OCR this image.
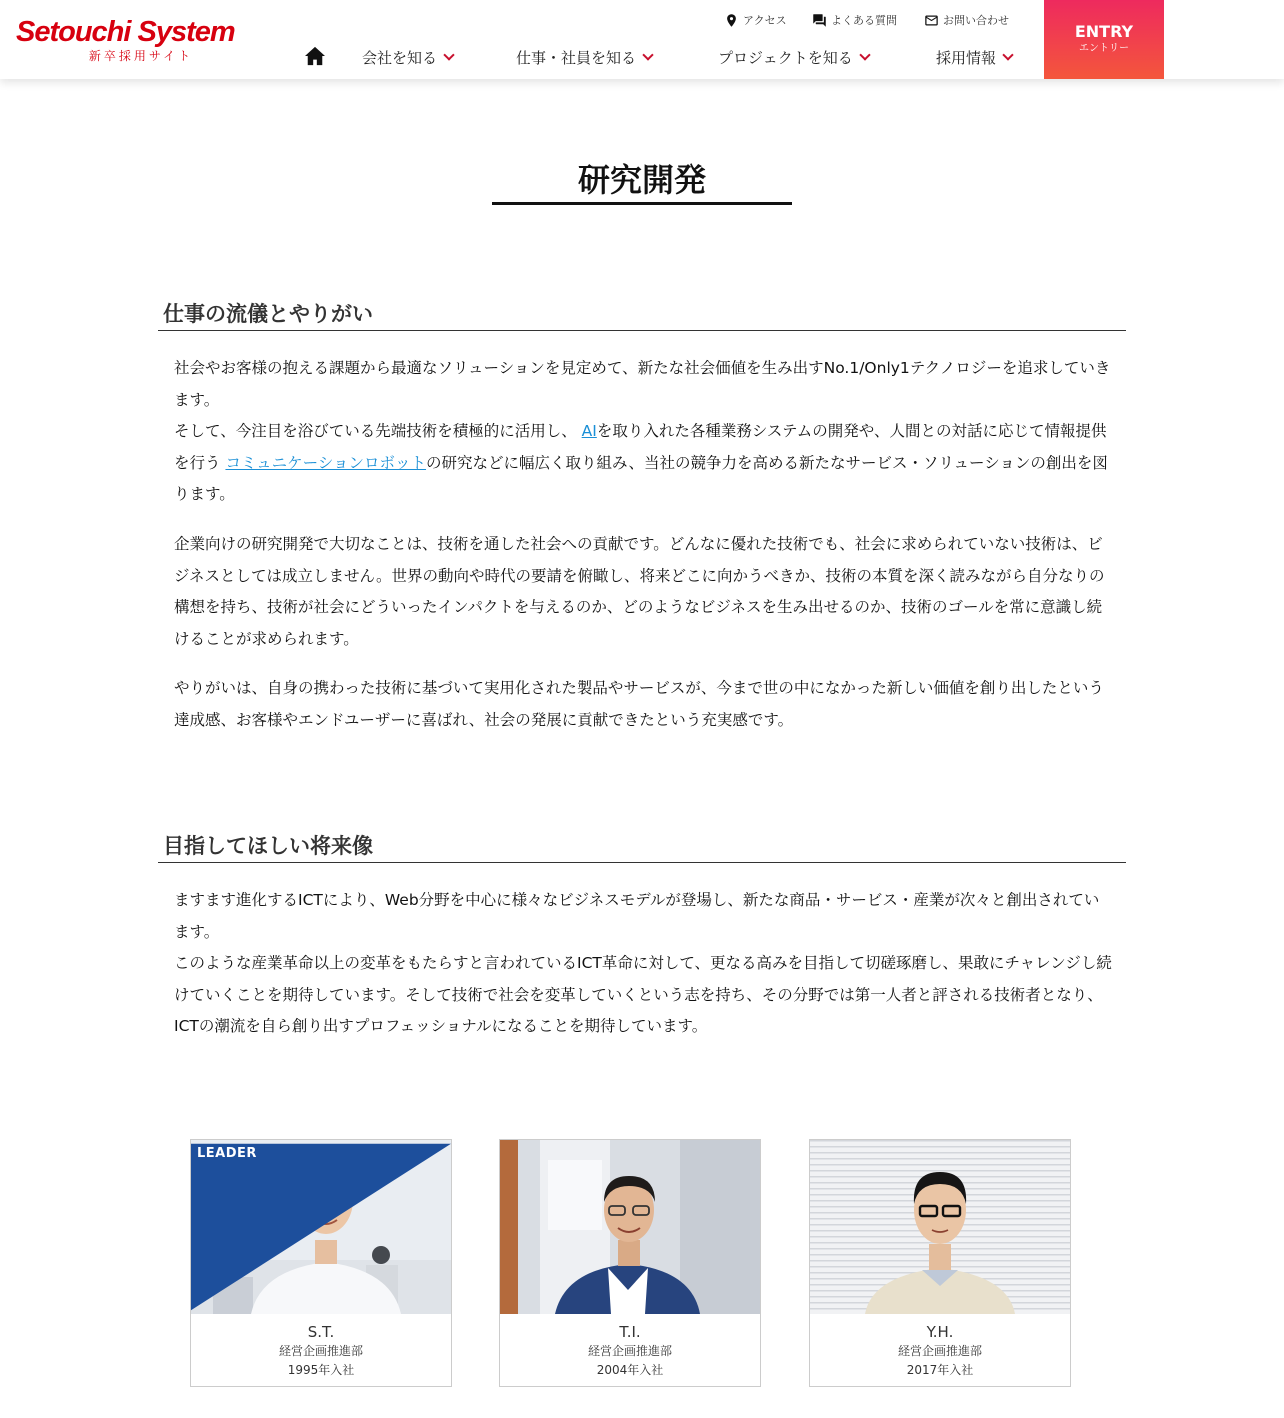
Setouchi System
新卒採用サイト
アクセス	よくある質問	お問い合わせ
会社を知る	仕事・社員を知る	プロジェクトを知る	採用情報
ENTRY
エントリー
研究開発
仕事の流儀とやりがい
社会やお客様の抱える課題から最適なソリューションを見定めて、新たな社会価値を生み出すNo.1/Only1テクノロジーを追求していきます。
そして、今注目を浴びている先端技術を積極的に活用し、 AIを取り入れた各種業務システムの開発や、人間との対話に応じて情報提供を行う コミュニケーションロボットの研究などに幅広く取り組み、当社の競争力を高める新たなサービス・ソリューションの創出を図ります。
企業向けの研究開発で大切なことは、技術を通した社会への貢献です。どんなに優れた技術でも、社会に求められていない技術は、ビジネスとしては成立しません。世界の動向や時代の要請を俯瞰し、将来どこに向かうべきか、技術の本質を深く読みながら自分なりの構想を持ち、技術が社会にどういったインパクトを与えるのか、どのようなビジネスを生み出せるのか、技術のゴールを常に意識し続けることが求められます。
やりがいは、自身の携わった技術に基づいて実用化された製品やサービスが、今まで世の中になかった新しい価値を創り出したという達成感、お客様やエンドユーザーに喜ばれ、社会の発展に貢献できたという充実感です。
目指してほしい将来像
ますます進化するICTにより、Web分野を中心に様々なビジネスモデルが登場し、新たな商品・サービス・産業が次々と創出されています。
このような産業革命以上の変革をもたらすと言われているICT革命に対して、更なる高みを目指して切磋琢磨し、果敢にチャレンジし続けていくことを期待しています。そして技術で社会を変革していくという志を持ち、その分野では第一人者と評される技術者となり、ICTの潮流を自ら創り出すプロフェッショナルになることを期待しています。
LEADER
S.T.
経営企画推進部
1995年入社
T.I.
経営企画推進部
2004年入社
Y.H.
経営企画推進部
2017年入社
